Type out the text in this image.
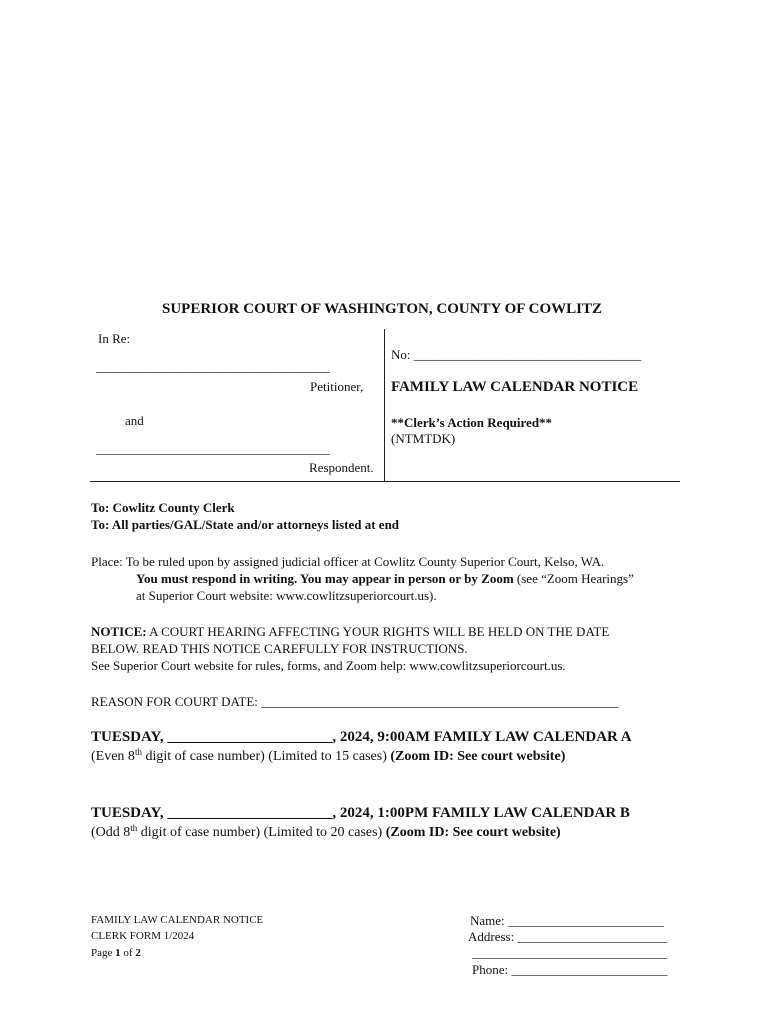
SUPERIOR COURT OF WASHINGTON, COUNTY OF COWLITZ
In Re:
____________________________________
Petitioner,
and
____________________________________
Respondent.
No: ___________________________________
FAMILY LAW CALENDAR NOTICE
**Clerk’s Action Required**
(NTMTDK)
To: Cowlitz County Clerk
To: All parties/GAL/State and/or attorneys listed at end
Place: To be ruled upon by assigned judicial officer at Cowlitz County Superior Court, Kelso, WA.
You must respond in writing. You may appear in person or by Zoom (see “Zoom Hearings”
at Superior Court website: www.cowlitzsuperiorcourt.us).
NOTICE: A COURT HEARING AFFECTING YOUR RIGHTS WILL BE HELD ON THE DATE
BELOW. READ THIS NOTICE CAREFULLY FOR INSTRUCTIONS.
See Superior Court website for rules, forms, and Zoom help: www.cowlitzsuperiorcourt.us.
REASON FOR COURT DATE: _______________________________________________________
TUESDAY, ______________________, 2024, 9:00AM FAMILY LAW CALENDAR A
(Even 8th digit of case number) (Limited to 15 cases) (Zoom ID: See court website)
TUESDAY, ______________________, 2024, 1:00PM FAMILY LAW CALENDAR B
(Odd 8th digit of case number) (Limited to 20 cases) (Zoom ID: See court website)
FAMILY LAW CALENDAR NOTICE
CLERK FORM 1/2024
Page 1 of 2
Name: ________________________
Address: _______________________
______________________________
Phone: ________________________
